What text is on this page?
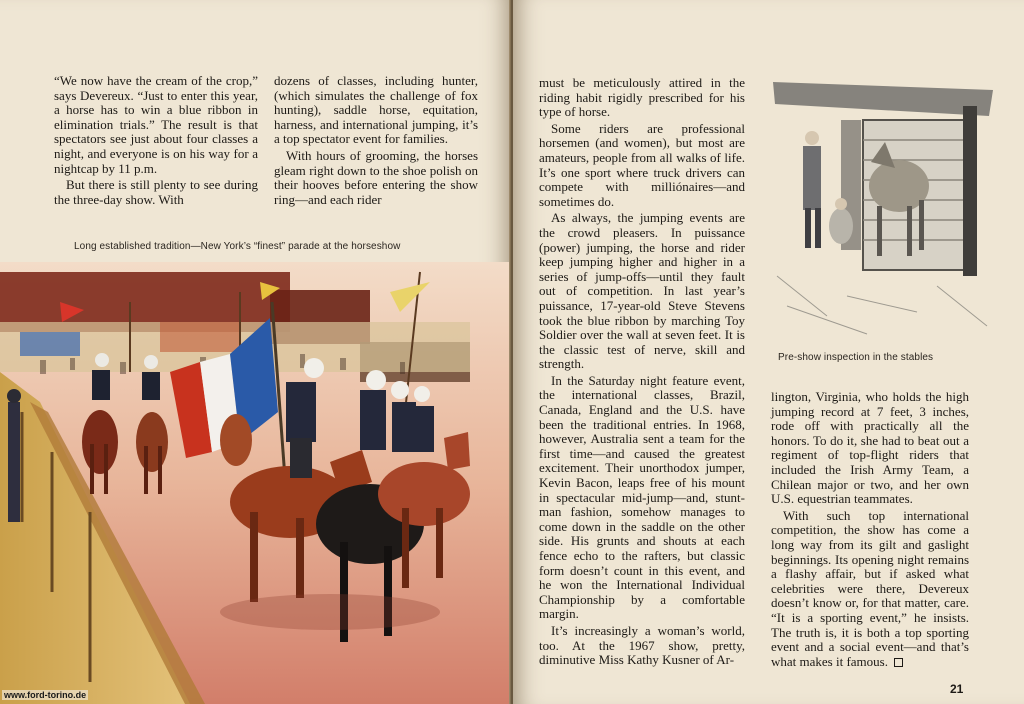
“We now have the cream of the crop,” says Devereux. “Just to enter this year, a horse has to win a blue ribbon in elimination trials.” The result is that spectators see just about four classes a night, and everyone is on his way for a nightcap by 11 p.m.

But there is still plenty to see during the three-day show. With

dozens of classes, including hunter, (which simulates the challenge of fox hunting), saddle horse, equitation, harness, and international jumping, it’s a top spectator event for families.

With hours of grooming, the horses gleam right down to the shoe polish on their hooves before entering the show ring—and each rider

Long established tradition—New York’s “finest” parade at the horseshow
www.ford-torino.de

must be meticulously attired in the riding habit rigidly prescribed for his type of horse.

Some riders are professional horsemen (and women), but most are amateurs, people from all walks of life. It’s one sport where truck drivers can compete with milliónaires—and sometimes do.

As always, the jumping events are the crowd pleasers. In puissance (power) jumping, the horse and rider keep jumping higher and higher in a series of jump-offs—until they fault out of competition. In last year’s puissance, 17-year-old Steve Stevens took the blue ribbon by marching Toy Soldier over the wall at seven feet. It is the classic test of nerve, skill and strength.

In the Saturday night feature event, the international classes, Brazil, Canada, England and the U.S. have been the traditional entries. In 1968, however, Australia sent a team for the first time—and caused the greatest excitement. Their unorthodox jumper, Kevin Bacon, leaps free of his mount in spectacular mid-jump—and, stunt-man fashion, somehow manages to come down in the saddle on the other side. His grunts and shouts at each fence echo to the rafters, but classic form doesn’t count in this event, and he won the International Individual Championship by a comfortable margin.

It’s increasingly a woman’s world, too. At the 1967 show, pretty, diminutive Miss Kathy Kusner of Ar-

Pre-show inspection in the stables

lington, Virginia, who holds the high jumping record at 7 feet, 3 inches, rode off with practically all the honors. To do it, she had to beat out a regiment of top-flight riders that included the Irish Army Team, a Chilean major or two, and her own U.S. equestrian teammates.

With such top international competition, the show has come a long way from its gilt and gaslight beginnings. Its opening night remains a flashy affair, but if asked what celebrities were there, Devereux doesn’t know or, for that matter, care. “It is a sporting event,” he insists. The truth is, it is both a top sporting event and a social event—and that’s what makes it famous.

21
